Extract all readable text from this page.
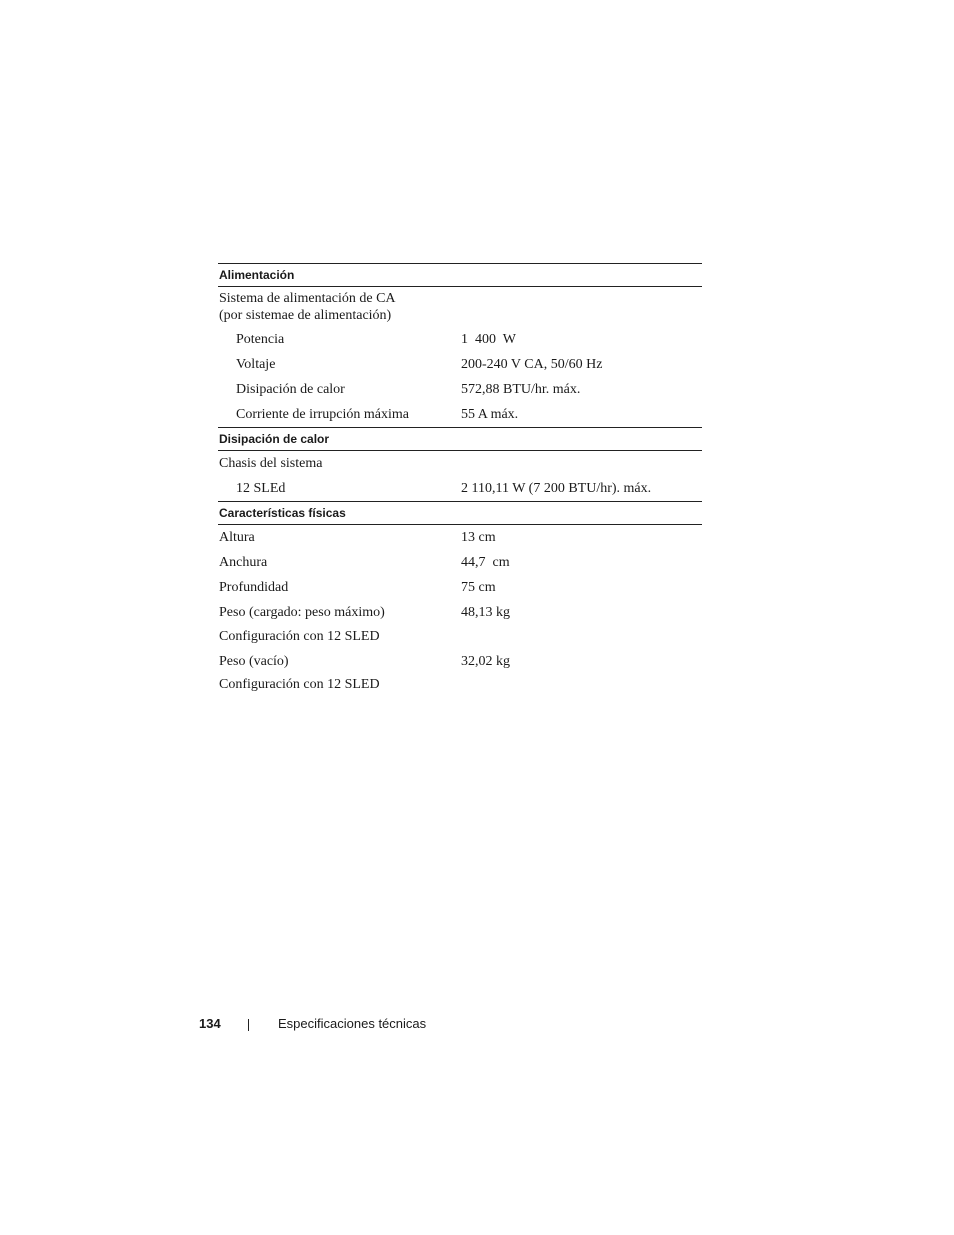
Alimentación
Sistema de alimentación de CA
(por sistemae de alimentación)
Potencia	1  400  W
Voltaje	200-240 V CA, 50/60 Hz
Disipación de calor	572,88 BTU/hr. máx.
Corriente de irrupción máxima	55 A máx.
Disipación de calor
Chasis del sistema
12 SLEd	2 110,11 W (7 200 BTU/hr). máx.
Características físicas
Altura	13 cm
Anchura	44,7  cm
Profundidad	75 cm
Peso (cargado: peso máximo)	48,13 kg
Configuración con 12 SLED
Peso (vacío)	32,02 kg
Configuración con 12 SLED
134	Especificaciones técnicas
